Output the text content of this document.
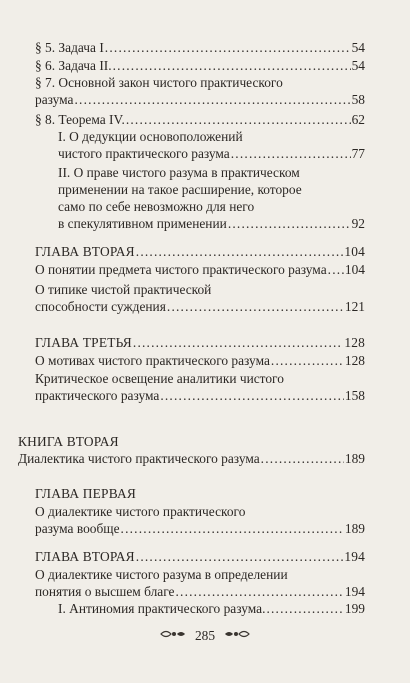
§ 5. Задача I .....	54
§ 6. Задача II. .....	54
§ 7. Основной закон чистого практического
разума .....	58
§ 8. Теорема IV. .....	62
I. О дедукции основоположений
чистого практического разума .....	77
II. О праве чистого разума в практическом
применении на такое расширение, которое
само по себе невозможно для него
в спекулятивном применении .....	92
ГЛАВА ВТОРАЯ .....	104
О понятии предмета чистого практического разума ..... 104
О типике чистой практической
способности суждения .....	121
ГЛАВА ТРЕТЬЯ .....	128
О мотивах чистого практического разума .....	128
Критическое освещение аналитики чистого
практического разума .....	158
КНИГА ВТОРАЯ
Диалектика чистого практического разума .....	189
ГЛАВА ПЕРВАЯ
О диалектике чистого практического
разума вообще .....	189
ГЛАВА ВТОРАЯ .....	194
О диалектике чистого разума в определении
понятия о высшем благе .....	194
I. Антиномия практического разума. .....	199
285
